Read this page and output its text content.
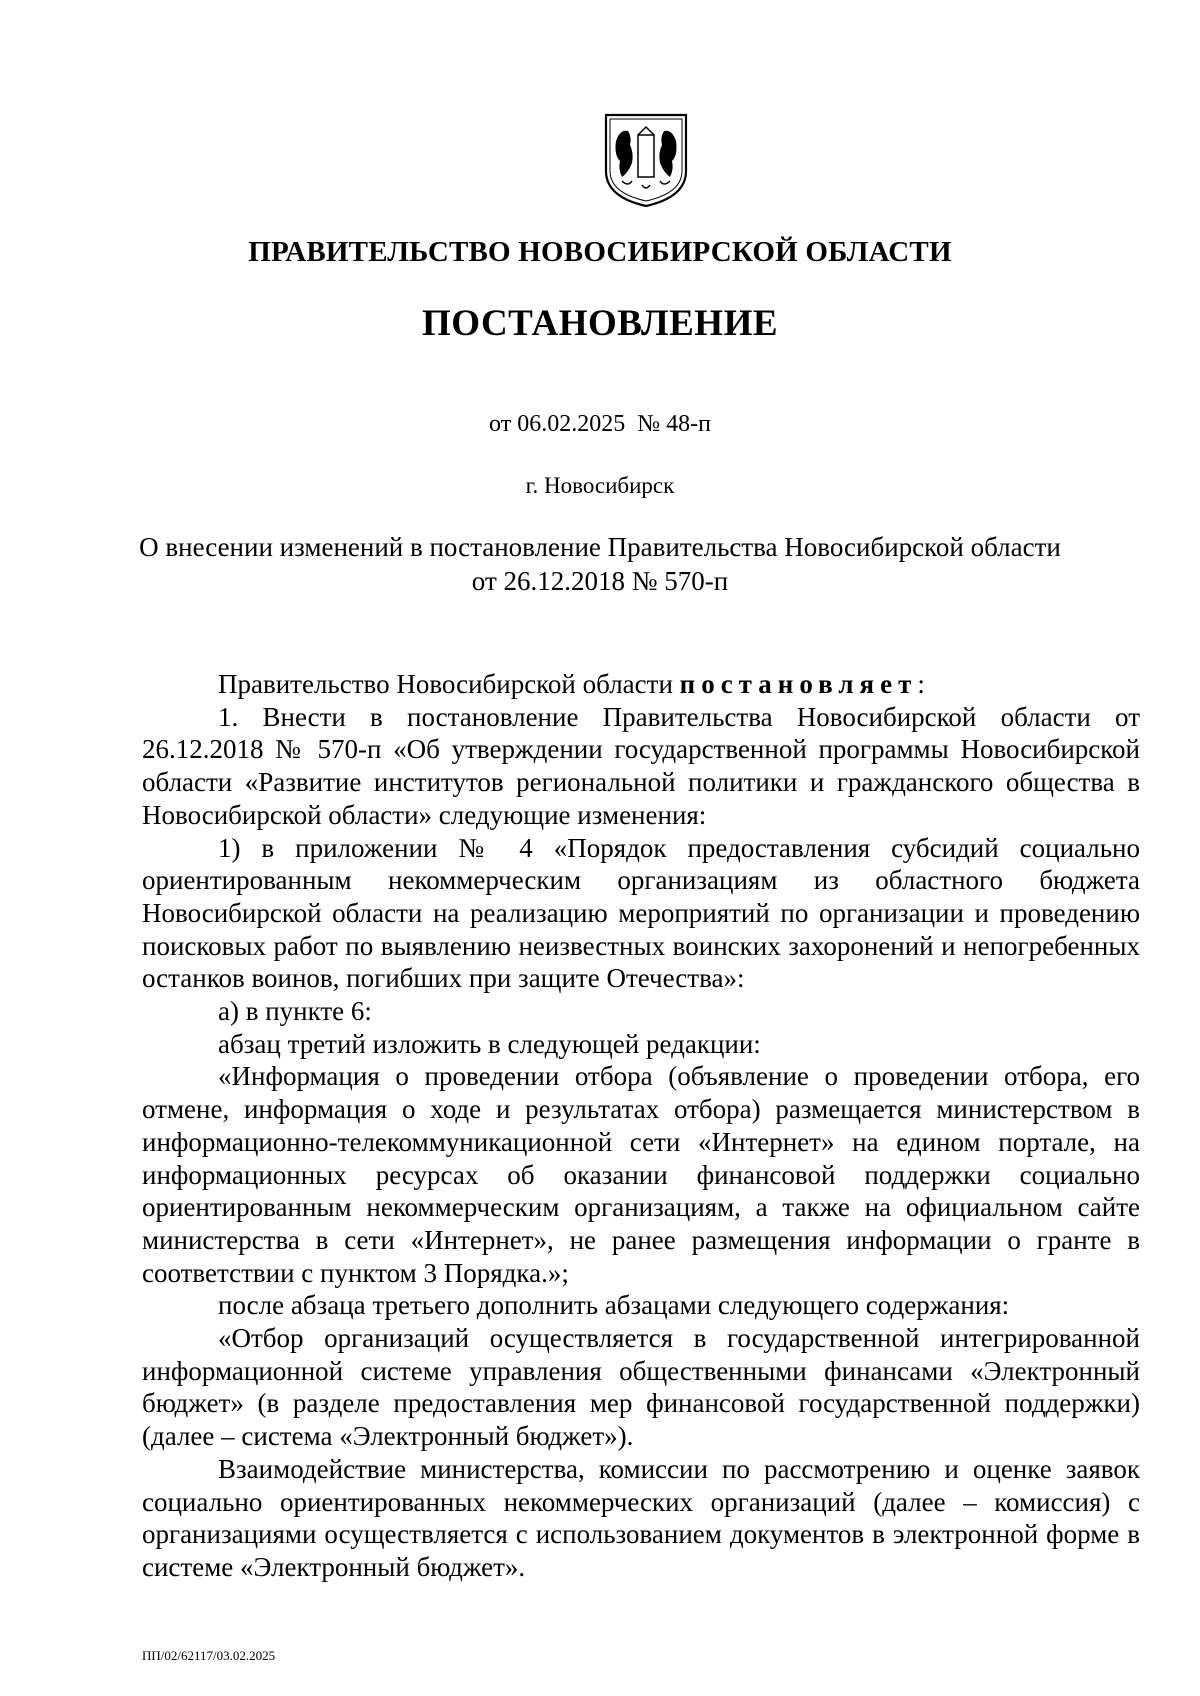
ПРАВИТЕЛЬСТВО НОВОСИБИРСКОЙ ОБЛАСТИ
ПОСТАНОВЛЕНИЕ
от 06.02.2025  № 48-п
г. Новосибирск
О внесении изменений в постановление Правительства Новосибирской области
от 26.12.2018 № 570-п

Правительство Новосибирской области постановляет:

1. Внести в постановление Правительства Новосибирской области от 26.12.2018 № 570-п «Об утверждении государственной программы Новосибирской области «Развитие институтов региональной политики и гражданского общества в Новосибирской области» следующие изменения:

1) в приложении № 4 «Порядок предоставления субсидий социально ориентированным некоммерческим организациям из областного бюджета Новосибирской области на реализацию мероприятий по организации и проведению поисковых работ по выявлению неизвестных воинских захоронений и непогребенных останков воинов, погибших при защите Отечества»:

а) в пункте 6:

абзац третий изложить в следующей редакции:

«Информация о проведении отбора (объявление о проведении отбора, его отмене, информация о ходе и результатах отбора) размещается министерством в информационно-телекоммуникационной сети «Интернет» на едином портале, на информационных ресурсах об оказании финансовой поддержки социально ориентированным некоммерческим организациям, а также на официальном сайте министерства в сети «Интернет», не ранее размещения информации о гранте в соответствии с пунктом 3 Порядка.»;

после абзаца третьего дополнить абзацами следующего содержания:

«Отбор организаций осуществляется в государственной интегрированной информационной системе управления общественными финансами «Электронный бюджет» (в разделе предоставления мер финансовой государственной поддержки) (далее – система «Электронный бюджет»).

Взаимодействие министерства, комиссии по рассмотрению и оценке заявок социально ориентированных некоммерческих организаций (далее – комиссия) с организациями осуществляется с использованием документов в электронной форме в системе «Электронный бюджет».

ПП/02/62117/03.02.2025
